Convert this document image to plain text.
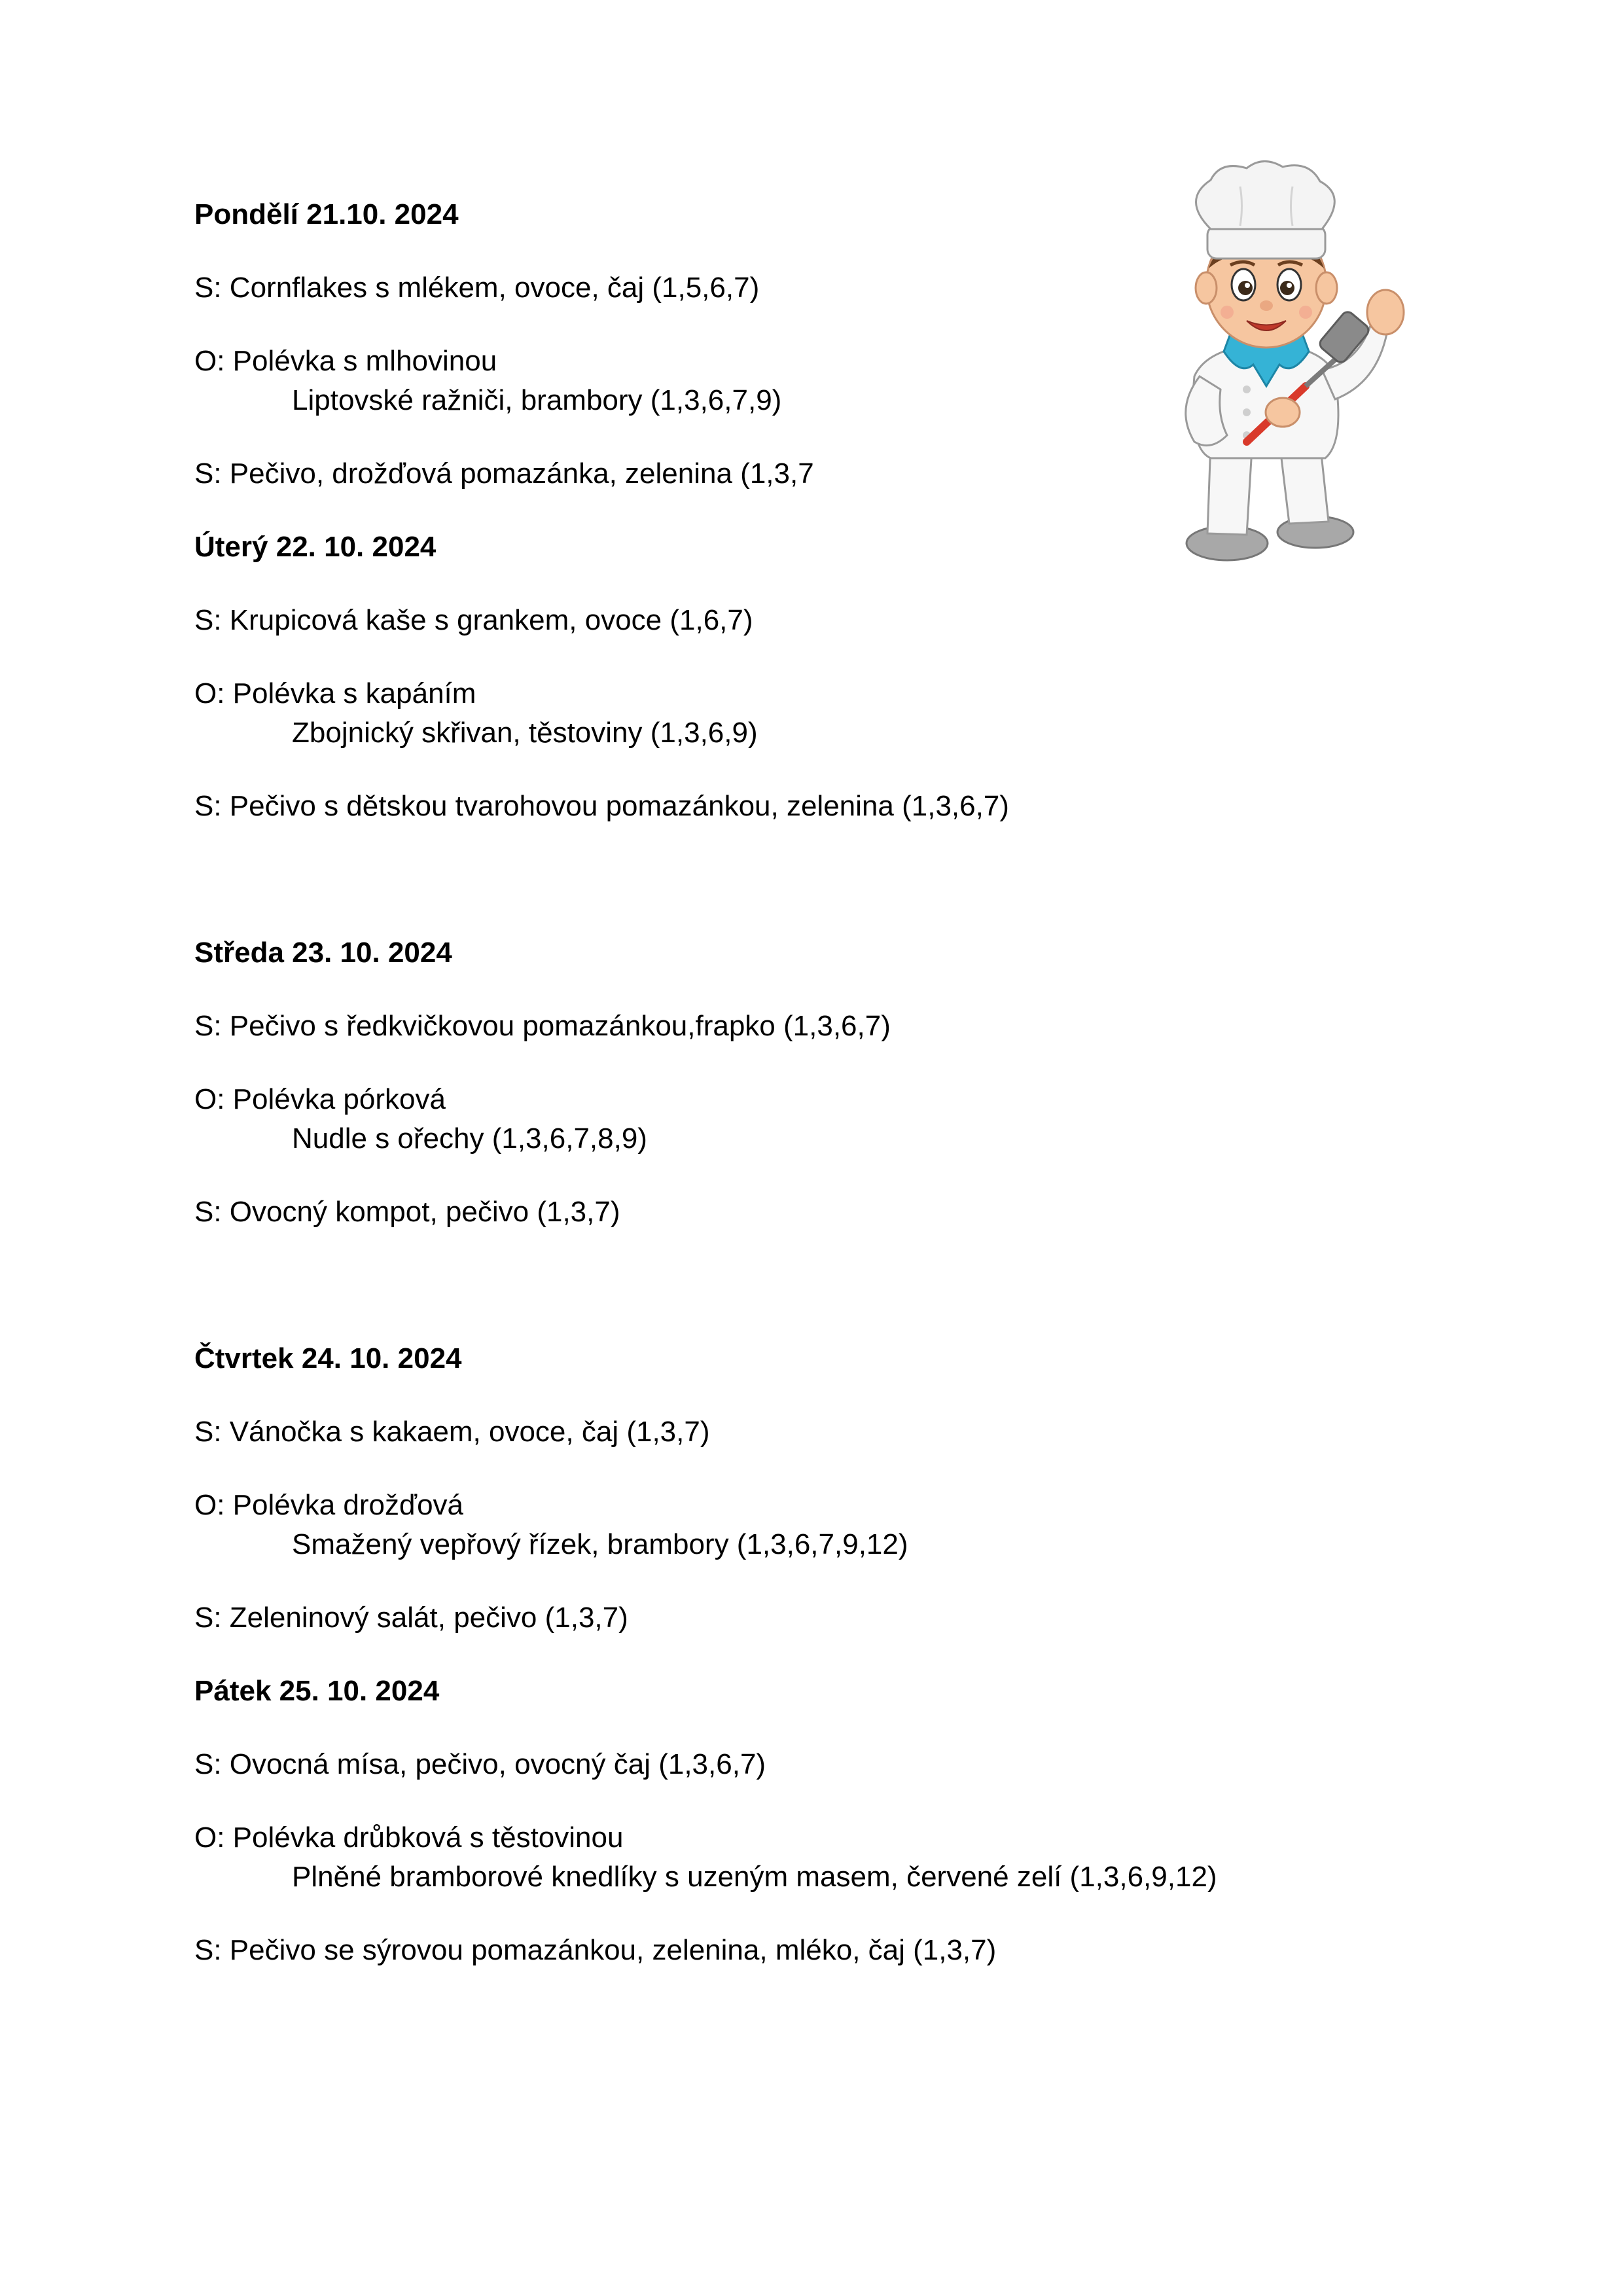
Pondělí 21.10. 2024
S: Cornflakes s mlékem, ovoce, čaj (1,5,6,7)
O: Polévka s mlhovinou
Liptovské ražniči, brambory (1,3,6,7,9)
S: Pečivo, drožďová pomazánka, zelenina (1,3,7
Úterý 22. 10. 2024
S: Krupicová kaše s grankem, ovoce (1,6,7)
O: Polévka s kapáním
Zbojnický skřivan, těstoviny (1,3,6,9)
S: Pečivo s dětskou tvarohovou pomazánkou, zelenina (1,3,6,7)
Středa 23. 10. 2024
S: Pečivo s ředkvičkovou pomazánkou,frapko (1,3,6,7)
O: Polévka pórková
Nudle s ořechy (1,3,6,7,8,9)
S: Ovocný kompot, pečivo (1,3,7)
Čtvrtek 24. 10. 2024
S: Vánočka s kakaem, ovoce, čaj (1,3,7)
O: Polévka drožďová
Smažený vepřový řízek, brambory (1,3,6,7,9,12)
S: Zeleninový salát, pečivo (1,3,7)
Pátek 25. 10. 2024
S: Ovocná mísa, pečivo, ovocný čaj (1,3,6,7)
O: Polévka drůbková s těstovinou
Plněné bramborové knedlíky s uzeným masem, červené zelí (1,3,6,9,12)
S: Pečivo se sýrovou pomazánkou, zelenina, mléko, čaj (1,3,7)
